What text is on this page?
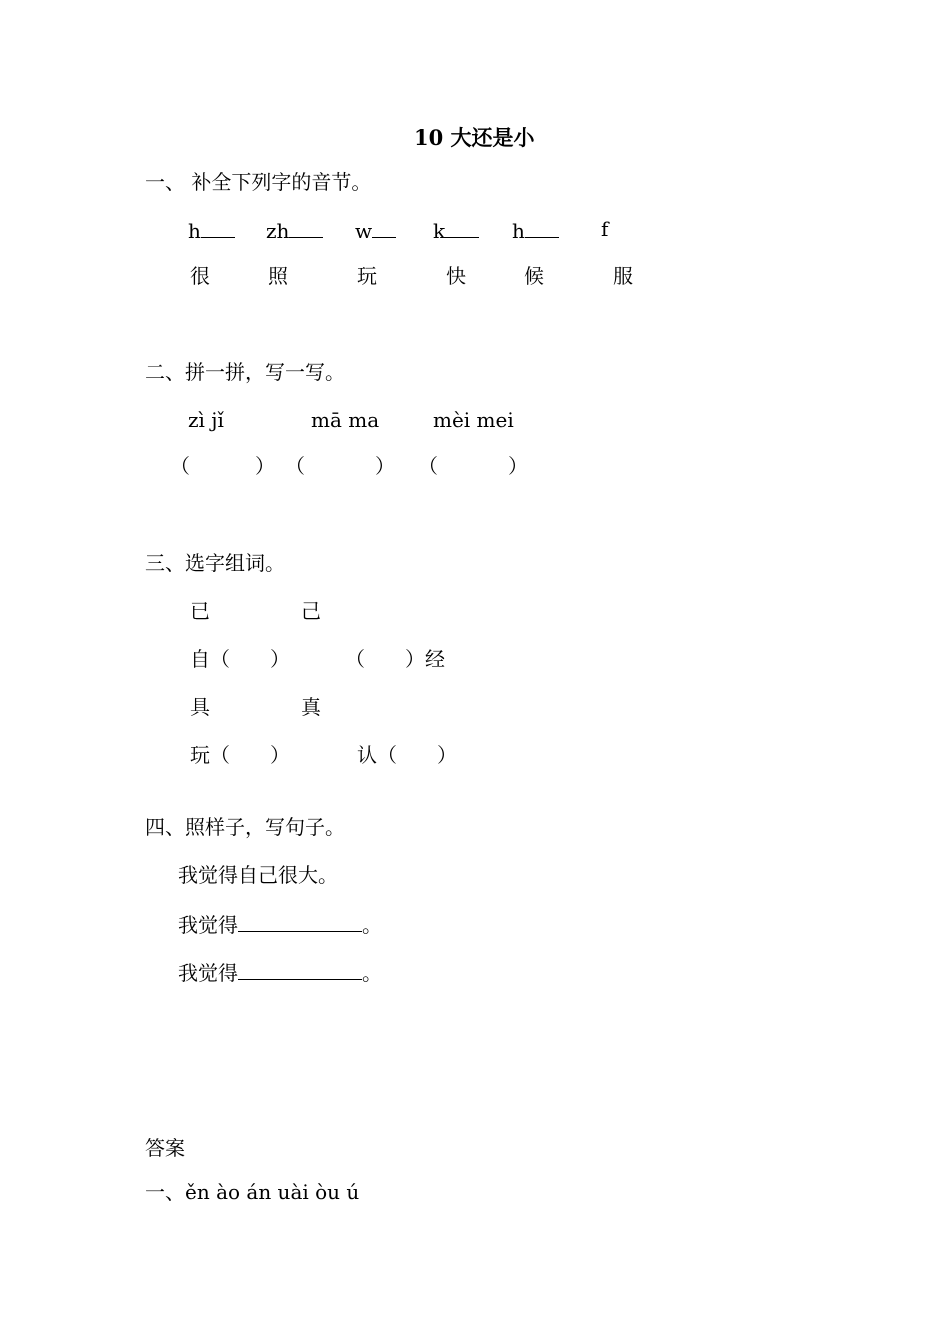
10 大还是小
一、 补全下列字的音节。
h	zh	w	k	h	f
很	照	玩	快	候	服
二、拼一拼，写一写。
zì jǐ	mā ma	mèi mei
（	） （	） （	）
三、选字组词。
已	己
自（　　）	（　　）经
具	真
玩（　　）	认（　　）
四、照样子，写句子。
我觉得自己很大。
我觉得	。
我觉得	。
答案
一、ěn ào án uài òu ú
